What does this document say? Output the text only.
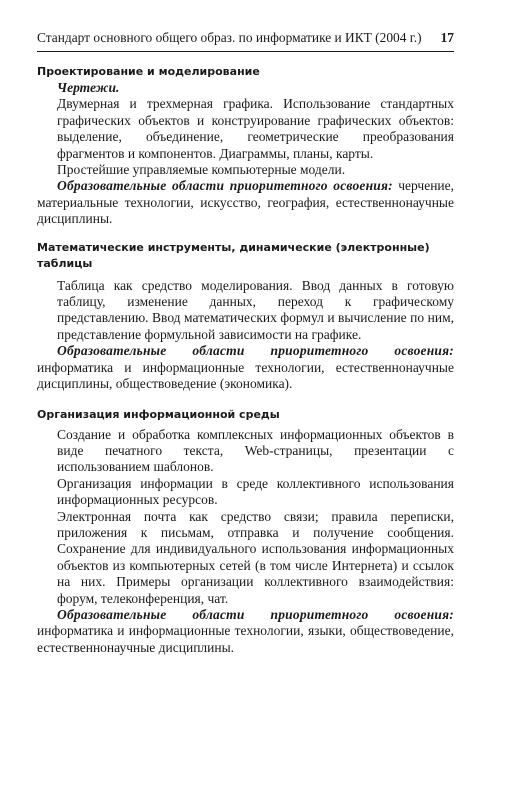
Стандарт основного общего образ. по информатике и ИКТ (2004 г.) 17
Проектирование и моделирование

Чертежи.

Двумерная и трехмерная графика. Использование стандартных графических объектов и конструирование графических объектов: выделение, объединение, геометрические преобразования фрагментов и компонентов. Диаграммы, планы, карты.

Простейшие управляемые компьютерные модели.

Образовательные области приоритетного освоения: черчение, материальные технологии, искусство, география, естественнонаучные дисциплины.

Математические инструменты, динамические (электронные) таблицы

Таблица как средство моделирования. Ввод данных в готовую таблицу, изменение данных, переход к графическому представлению. Ввод математических формул и вычисление по ним, представление формульной зависимости на графике.

Образовательные области приоритетного освоения: информатика и информационные технологии, естественнонаучные дисциплины, обществоведение (экономика).

Организация информационной среды

Создание и обработка комплексных информационных объектов в виде печатного текста, Web-страницы, презентации с использованием шаблонов.

Организация информации в среде коллективного использования информационных ресурсов.

Электронная почта как средство связи; правила переписки, приложения к письмам, отправка и получение сообщения. Сохранение для индивидуального использования информационных объектов из компьютерных сетей (в том числе Интернета) и ссылок на них. Примеры организации коллективного взаимодействия: форум, телеконференция, чат.

Образовательные области приоритетного освоения: информатика и информационные технологии, языки, обществоведение, естественнонаучные дисциплины.
